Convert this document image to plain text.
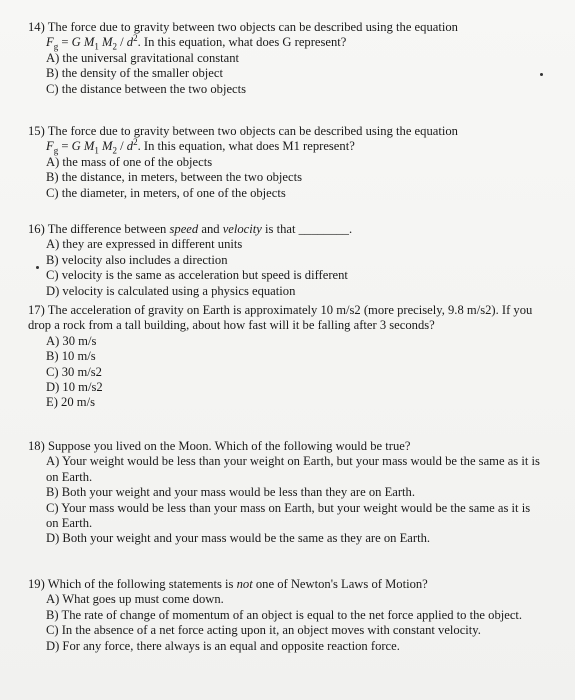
14) The force due to gravity between two objects can be described using the equation
$F_g = G$ $M_1$ $M_2 / d^2$. In this equation, what does G represent?

A) the universal gravitational constant
B) the density of the smaller object
C) the distance between the two objects

15) The force due to gravity between two objects can be described using the equation
$F_g = G$ $M_1$ $M_2 / d^2$. In this equation, what does M1 represent?

A) the mass of one of the objects
B) the distance, in meters, between the two objects
C) the diameter, in meters, of one of the objects

16) The difference between speed and velocity is that ________.

A) they are expressed in different units
B) velocity also includes a direction
C) velocity is the same as acceleration but speed is different
D) velocity is calculated using a physics equation

17) The acceleration of gravity on Earth is approximately 10 m/s2 (more precisely, 9.8 m/s2). If you drop a rock from a tall building, about how fast will it be falling after 3 seconds?

A) 30 m/s
B) 10 m/s
C) 30 m/s2
D) 10 m/s2
E) 20 m/s

18) Suppose you lived on the Moon. Which of the following would be true?

A) Your weight would be less than your weight on Earth, but your mass would be the same as it is on Earth.
B) Both your weight and your mass would be less than they are on Earth.
C) Your mass would be less than your mass on Earth, but your weight would be the same as it is on Earth.
D) Both your weight and your mass would be the same as they are on Earth.

19) Which of the following statements is not one of Newton's Laws of Motion?

A) What goes up must come down.
B) The rate of change of momentum of an object is equal to the net force applied to the object.
C) In the absence of a net force acting upon it, an object moves with constant velocity.
D) For any force, there always is an equal and opposite reaction force.
